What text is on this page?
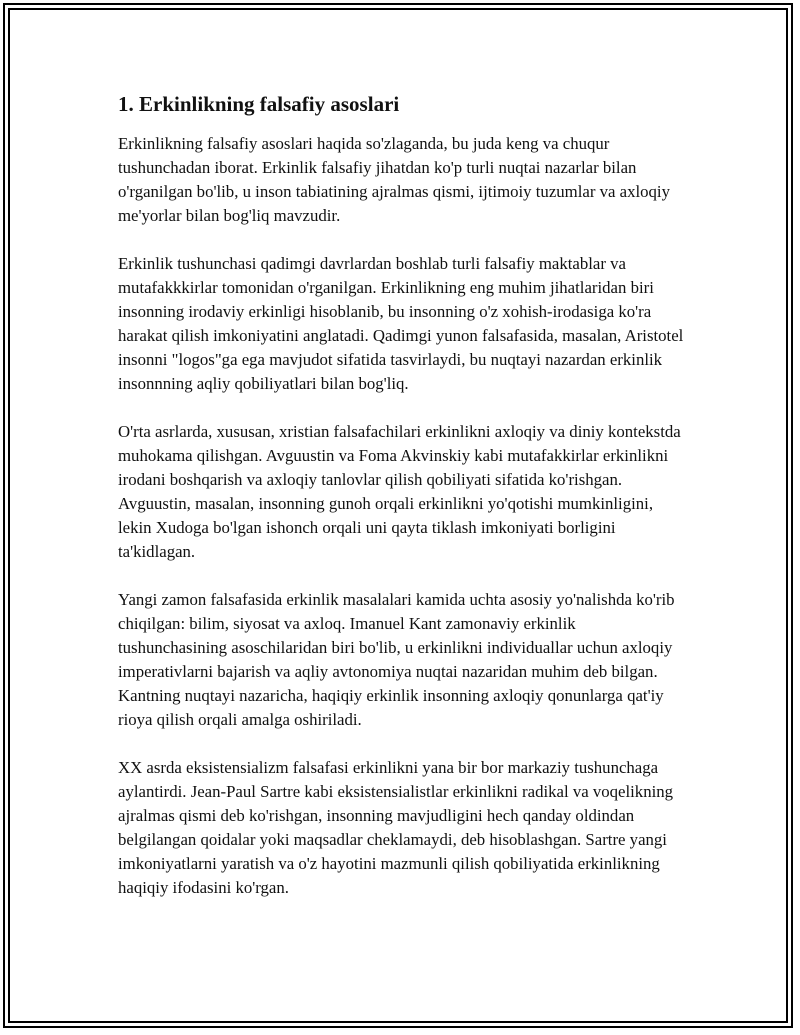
1. Erkinlikning falsafiy asoslari

Erkinlikning falsafiy asoslari haqida so'zlaganda, bu juda keng va chuqur tushunchadan iborat. Erkinlik falsafiy jihatdan ko'p turli nuqtai nazarlar bilan o'rganilgan bo'lib, u inson tabiatining ajralmas qismi, ijtimoiy tuzumlar va axloqiy me'yorlar bilan bog'liq mavzudir.

Erkinlik tushunchasi qadimgi davrlardan boshlab turli falsafiy maktablar va mutafakkkirlar tomonidan o'rganilgan. Erkinlikning eng muhim jihatlaridan biri insonning irodaviy erkinligi hisoblanib, bu insonning o'z xohish-irodasiga ko'ra harakat qilish imkoniyatini anglatadi. Qadimgi yunon falsafasida, masalan, Aristotel insonni "logos"ga ega mavjudot sifatida tasvirlaydi, bu nuqtayi nazardan erkinlik insonnning aqliy qobiliyatlari bilan bog'liq.

O'rta asrlarda, xususan, xristian falsafachilari erkinlikni axloqiy va diniy kontekstda muhokama qilishgan. Avguustin va Foma Akvinskiy kabi mutafakkirlar erkinlikni irodani boshqarish va axloqiy tanlovlar qilish qobiliyati sifatida ko'rishgan. Avguustin, masalan, insonning gunoh orqali erkinlikni yo'qotishi mumkinligini, lekin Xudoga bo'lgan ishonch orqali uni qayta tiklash imkoniyati borligini ta'kidlagan.

Yangi zamon falsafasida erkinlik masalalari kamida uchta asosiy yo'nalishda ko'rib chiqilgan: bilim, siyosat va axloq. Imanuel Kant zamonaviy erkinlik tushunchasining asoschilaridan biri bo'lib, u erkinlikni individuallar uchun axloqiy imperativlarni bajarish va aqliy avtonomiya nuqtai nazaridan muhim deb bilgan. Kantning nuqtayi nazaricha, haqiqiy erkinlik insonning axloqiy qonunlarga qat'iy rioya qilish orqali amalga oshiriladi.

XX asrda eksistensializm falsafasi erkinlikni yana bir bor markaziy tushunchaga aylantirdi. Jean-Paul Sartre kabi eksistensialistlar erkinlikni radikal va voqelikning ajralmas qismi deb ko'rishgan, insonning mavjudligini hech qanday oldindan belgilangan qoidalar yoki maqsadlar cheklamaydi, deb hisoblashgan. Sartre yangi imkoniyatlarni yaratish va o'z hayotini mazmunli qilish qobiliyatida erkinlikning haqiqiy ifodasini ko'rgan.
